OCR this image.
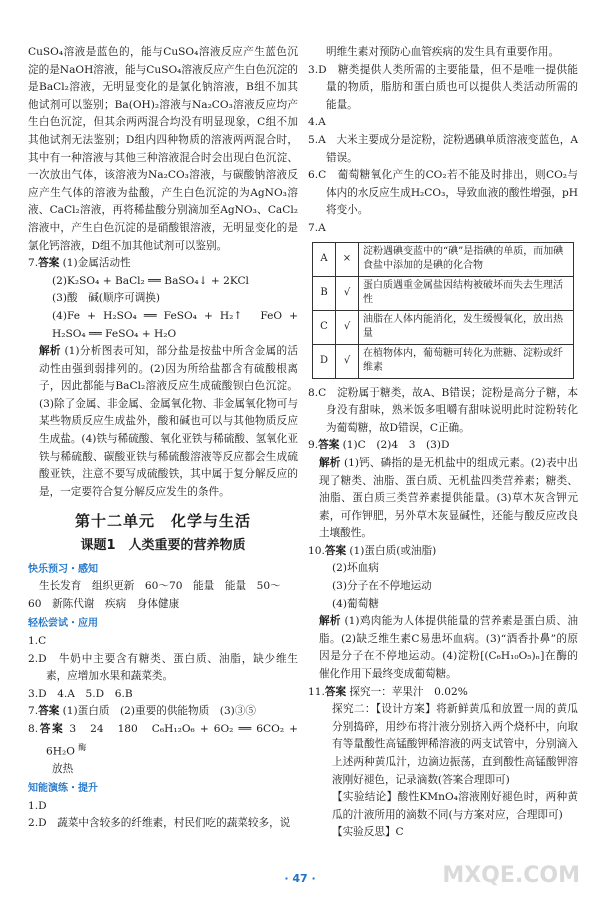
CuSO₄溶液是蓝色的，能与CuSO₄溶液反应产生蓝色沉淀的是NaOH溶液，能与CuSO₄溶液反应产生白色沉淀的是BaCl₂溶液，无明显变化的是氯化钠溶液，B组不加其他试剂可以鉴别；Ba(OH)₂溶液与Na₂CO₃溶液反应均产生白色沉淀，但其余两两混合均没有明显现象，C组不加其他试剂无法鉴别；D组内四种物质的溶液两两混合时，其中有一种溶液与其他三种溶液混合时会出现白色沉淀、一次放出气体，该溶液为Na₂CO₃溶液，与碳酸钠溶液反应产生气体的溶液为盐酸，产生白色沉淀的为AgNO₃溶液、CaCl₂溶液，再将稀盐酸分别滴加至AgNO₃、CaCl₂溶液中，产生白色沉淀的是硝酸银溶液，无明显变化的是氯化钙溶液，D组不加其他试剂可以鉴别。

7.答案 (1)金属活动性

(2)K₂SO₄ + BaCl₂ ══ BaSO₄↓ + 2KCl

(3)酸　碱(顺序可调换)

(4)Fe + H₂SO₄ ══ FeSO₄ + H₂↑　FeO + H₂SO₄ ══ FeSO₄ + H₂O

解析 (1)分析图表可知，部分盐是按盐中所含金属的活动性由强到弱排列的。(2)因为所给盐都含有硫酸根离子，因此都能与BaCl₂溶液反应生成硫酸钡白色沉淀。(3)除了金属、非金属、金属氧化物、非金属氧化物可与某些物质反应生成盐外，酸和碱也可以与其他物质反应生成盐。(4)铁与稀硫酸、氧化亚铁与稀硫酸、氢氧化亚铁与稀硫酸、碳酸亚铁与稀硫酸溶液等反应都会生成硫酸亚铁，注意不要写成硫酸铁，其中属于复分解反应的是，一定要符合复分解反应发生的条件。

第十二单元　化学与生活
课题1　人类重要的营养物质
快乐预习・感知

生长发育　组织更新　60～70　能量　能量　50～

60　新陈代谢　疾病　身体健康

轻松尝试・应用

1.C

2.D　牛奶中主要含有糖类、蛋白质、油脂，缺少维生素，应增加水果和蔬菜类。

3.D　4.A　5.D　6.B

7.答案 (1)蛋白质　(2)重要的供能物质　(3)③⑤

8.答案 3　24　180　C₆H₁₂O₆ + 6O₂ ══ 6CO₂ + 6H₂O $^酶$

放热

知能演练・提升

1.D

2.D　蔬菜中含较多的纤维素，村民们吃的蔬菜较多，说

明维生素对预防心血管疾病的发生具有重要作用。

3.D　糖类提供人类所需的主要能量，但不是唯一提供能量的物质，脂肪和蛋白质也可以提供人类活动所需的能量。

4.A

5.A　大米主要成分是淀粉，淀粉遇碘单质溶液变蓝色，A错误。

6.C　葡萄糖氧化产生的CO₂若不能及时排出，则CO₂与体内的水反应生成H₂CO₃，导致血液的酸性增强，pH将变小。

7.A

A	×	淀粉遇碘变蓝中的“碘”是指碘的单质，而加碘食盐中添加的是碘的化合物
B	√	蛋白质遇重金属盐因结构被破坏而失去生理活性
C	√	油脂在人体内能消化，发生缓慢氧化，放出热量
D	√	在植物体内，葡萄糖可转化为蔗糖、淀粉或纤维素

8.C　淀粉属于糖类，故A、B错误；淀粉是高分子糖，本身没有甜味，熟米饭多咀嚼有甜味说明此时淀粉转化为葡萄糖，故D错误，C正确。

9.答案 (1)C　(2)4　3　(3)D

解析 (1)钙、磷指的是无机盐中的组成元素。(2)表中出现了糖类、油脂、蛋白质、无机盐四类营养素；糖类、油脂、蛋白质三类营养素提供能量。(3)草木灰含钾元素，可作钾肥，另外草木灰显碱性，还能与酸反应改良土壤酸性。

10.答案 (1)蛋白质(或油脂)

(2)坏血病

(3)分子在不停地运动

(4)葡萄糖

解析 (1)鸡肉能为人体提供能量的营养素是蛋白质、油脂。(2)缺乏维生素C易患坏血病。(3)“酒香扑鼻”的原因是分子在不停地运动。(4)淀粉[(C₆H₁₀O₅)ₙ]在酶的催化作用下最终变成葡萄糖。

11.答案 探究一：苹果汁　0.02%

探究二：【设计方案】将新鲜黄瓜和放置一周的黄瓜分别捣碎，用纱布将汁液分别挤入两个烧杯中，向取有等量酸性高锰酸钾稀溶液的两支试管中，分别滴入上述两种黄瓜汁，边滴边振荡，直到酸性高锰酸钾溶液刚好褪色，记录滴数(答案合理即可)

【实验结论】酸性KMnO₄溶液刚好褪色时，两种黄瓜的汁液所用的滴数不同(与方案对应，合理即可)

【实验反思】C

· 47 ·	MXQE.COM
